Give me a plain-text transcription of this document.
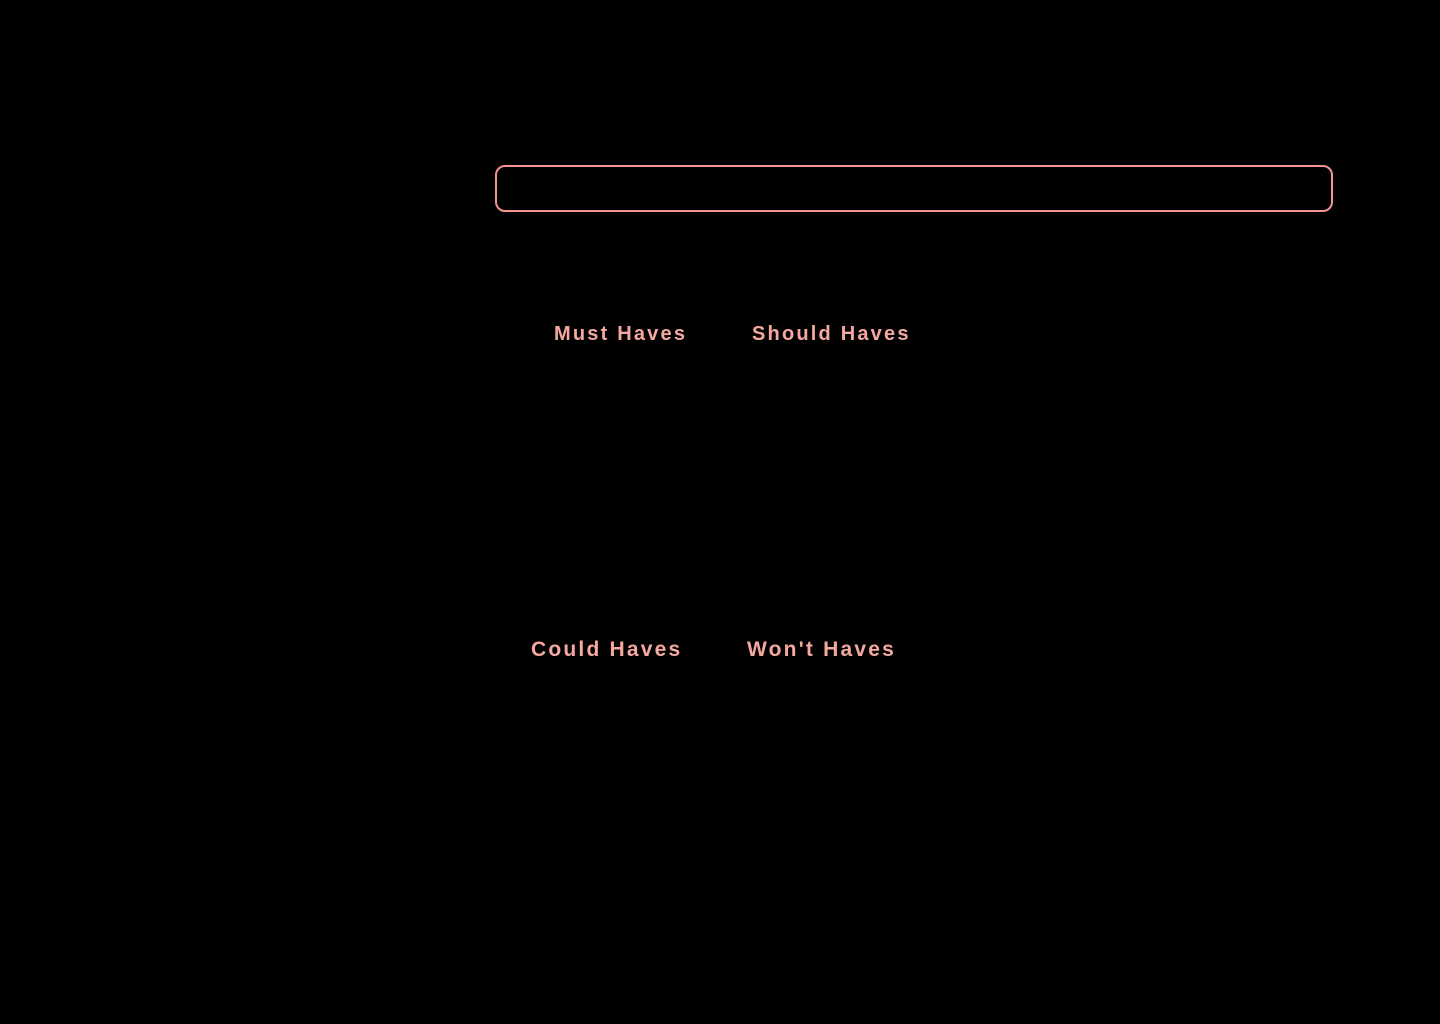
Must Haves	Should Haves
Could Haves	Won't Haves
